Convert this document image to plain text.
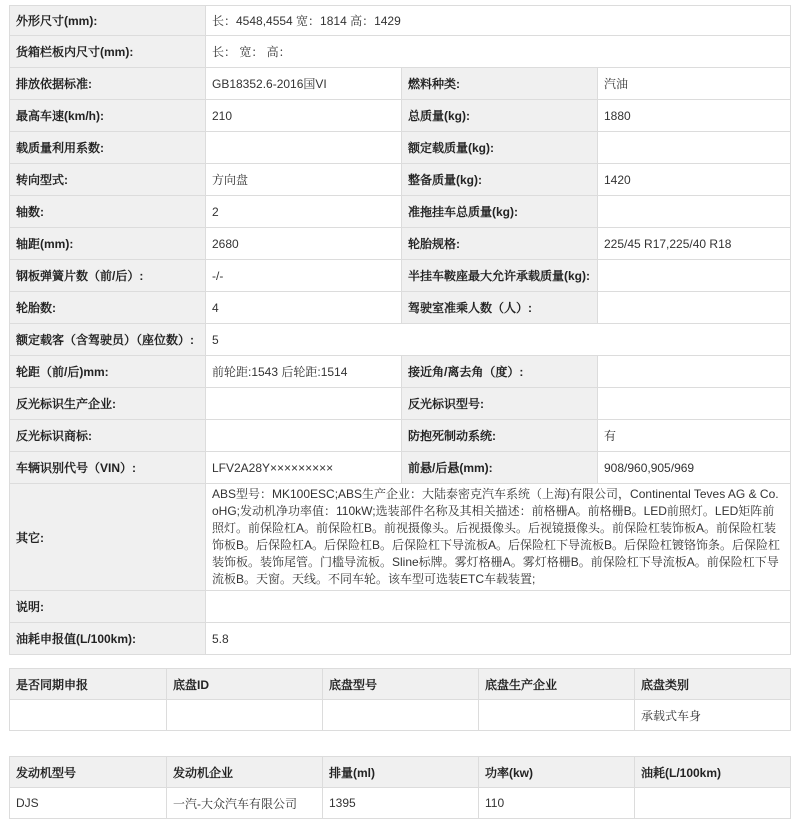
外形尺寸(mm):	长：4548,4554 宽：1814 高：1429		
货箱栏板内尺寸(mm):	长： 宽： 高：		
排放依据标准:	GB18352.6-2016国VI	燃料种类:	汽油
最高车速(km/h):	210	总质量(kg):	1880
载质量利用系数:		额定载质量(kg):	
转向型式:	方向盘	整备质量(kg):	1420
轴数:	2	准拖挂车总质量(kg):	
轴距(mm):	2680	轮胎规格:	225/45 R17,225/40 R18
钢板弹簧片数（前/后）:	-/-	半挂车鞍座最大允许承载质量(kg):	
轮胎数:	4	驾驶室准乘人数（人）:	
额定载客（含驾驶员）（座位数）:	5		
轮距（前/后)mm:	前轮距:1543 后轮距:1514	接近角/离去角（度）:	
反光标识生产企业:		反光标识型号:	
反光标识商标:		防抱死制动系统:	有
车辆识别代号（VIN）:	LFV2A28Y×××××××××	前悬/后悬(mm):	908/960,905/969
其它:	ABS型号：MK100ESC;ABS生产企业：大陆泰密克汽车系统（上海)有限公司，Continental Teves AG & Co. oHG;发动机净功率值：110kW;选装部件名称及其相关描述：前格栅A。前格栅B。LED前照灯。LED矩阵前照灯。前保险杠A。前保险杠B。前视摄像头。后视摄像头。后视镜摄像头。前保险杠装饰板A。前保险杠装饰板B。后保险杠A。后保险杠B。后保险杠下导流板A。后保险杠下导流板B。后保险杠镀铬饰条。后保险杠装饰板。装饰尾管。门槛导流板。Sline标牌。雾灯格栅A。雾灯格栅B。前保险杠下导流板A。前保险杠下导流板B。天窗。天线。不同车轮。该车型可选装ETC车载装置;		
说明:			
油耗申报值(L/100km):	5.8		
是否同期申报	底盘ID	底盘型号	底盘生产企业	底盘类别
				承载式车身
发动机型号	发动机企业	排量(ml)	功率(kw)	油耗(L/100km)
DJS	一汽-大众汽车有限公司	1395	110	
